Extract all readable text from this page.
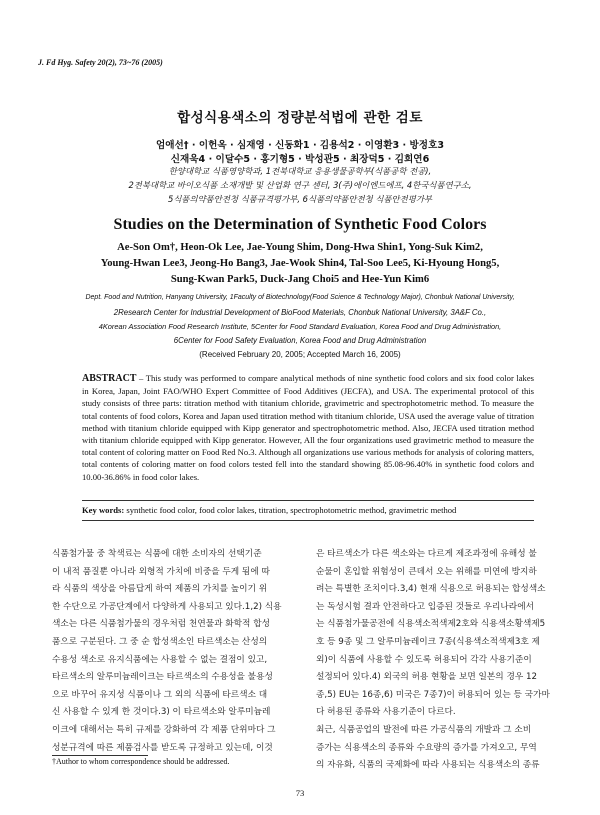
J. Fd Hyg. Safety 20(2), 73~76 (2005)
합성식용색소의 정량분석법에 관한 검토
엄애선† · 이헌옥 · 심재영 · 신동화1 · 김용석2 · 이영환3 · 방정호3
신재욱4 · 이달수5 · 홍기형5 · 박성관5 · 최장덕5 · 김희연6
한양대학교 식품영양학과, 1전북대학교 응용생물공학부(식품공학 전공),
2전북대학교 바이오식품 소재개발 및 산업화 연구 센터, 3(주)에이엔드에프, 4한국식품연구소,
5식품의약품안전청 식품규격평가부, 6식품의약품안전청 식품안전평가부
Studies on the Determination of Synthetic Food Colors
Ae-Son Om†, Heon-Ok Lee, Jae-Young Shim, Dong-Hwa Shin1, Yong-Suk Kim2,
Young-Hwan Lee3, Jeong-Ho Bang3, Jae-Wook Shin4, Tal-Soo Lee5, Ki-Hyoung Hong5,
Sung-Kwan Park5, Duck-Jang Choi5 and Hee-Yun Kim6
Dept. Food and Nutrition, Hanyang University, 1Faculty of Biotechnology(Food Science & Technology Major), Chonbuk National University,
2Research Center for Industrial Development of BioFood Materials, Chonbuk National University, 3A&F Co.,
4Korean Association Food Research Institute, 5Center for Food Standard Evaluation, Korea Food and Drug Administration,
6Center for Food Safety Evaluation, Korea Food and Drug Administration
(Received February 20, 2005; Accepted March 16, 2005)
ABSTRACT – This study was performed to compare analytical methods of nine synthetic food colors and six food color lakes in Korea, Japan, Joint FAO/WHO Expert Committee of Food Additives (JECFA), and USA. The experimental protocol of this study consists of three parts: titration method with titanium chloride, gravimetric and spectrophotometric method. To measure the total contents of food colors, Korea and Japan used titration method with titanium chloride, USA used the average value of titration method with titanium chloride equipped with Kipp generator and spectrophotometric method. Also, JECFA used titration method with titanium chloride equipped with Kipp generator. However, All the four organizations used gravimetric method to measure the total content of coloring matter on Food Red No.3. Although all organizations use various methods for analysis of coloring matters, total contents of coloring matter on food colors tested fell into the standard showing 85.08-96.40% in synthetic food colors and 10.00-36.86% in food color lakes.
Key words: synthetic food color, food color lakes, titration, spectrophotometric method, gravimetric method
식품첨가물 중 착색료는 식품에 대한 소비자의 선택기준
이 내적 품질뿐 아니라 외형적 가치에 비중을 두게 됨에 따
라 식품의 색상을 아름답게 하여 제품의 가치를 높이기 위
한 수단으로 가공단계에서 다양하게 사용되고 있다.1,2) 식용
색소는 다른 식품첨가물의 경우처럼 천연물과 화학적 합성
품으로 구분된다. 그 중 순 합성색소인 타르색소는 산성의
수용성 색소로 유지식품에는 사용할 수 없는 결점이 있고,
타르색소의 알루미늄레이크는 타르색소의 수용성을 불용성
으로 바꾸어 유지성 식품이나 그 외의 식품에 타르색소 대
신 사용할 수 있게 한 것이다.3) 이 타르색소와 알루미늄레
이크에 대해서는 특히 규제를 강화하여 각 제품 단위마다 그
성분규격에 따른 제품검사를 받도록 규정하고 있는데, 이것
은 타르색소가 다른 색소와는 다르게 제조과정에 유해성 불
순물이 혼입할 위험성이 큰데서 오는 위해를 미연에 방지하
려는 특별한 조치이다.3,4) 현재 식용으로 허용되는 합성색소
는 독성시험 결과 안전하다고 입증된 것들로 우리나라에서
는 식품첨가물공전에 식용색소적색제2호와 식용색소황색제5
호 등 9종 및 그 알루미늄레이크 7종(식용색소적색제3호 제
외)이 식품에 사용할 수 있도록 허용되어 각각 사용기준이
설정되어 있다.4) 외국의 허용 현황을 보면 일본의 경우 12
종,5) EU는 16종,6) 미국은 7종7)이 허용되어 있는 등 국가마
다 허용된 종류와 사용기준이 다르다.
최근, 식품공업의 발전에 따른 가공식품의 개발과 그 소비
증가는 식용색소의 종류와 수요량의 증가를 가져오고, 무역
의 자유화, 식품의 국제화에 따라 사용되는 식용색소의 종류
†Author to whom correspondence should be addressed.
73
